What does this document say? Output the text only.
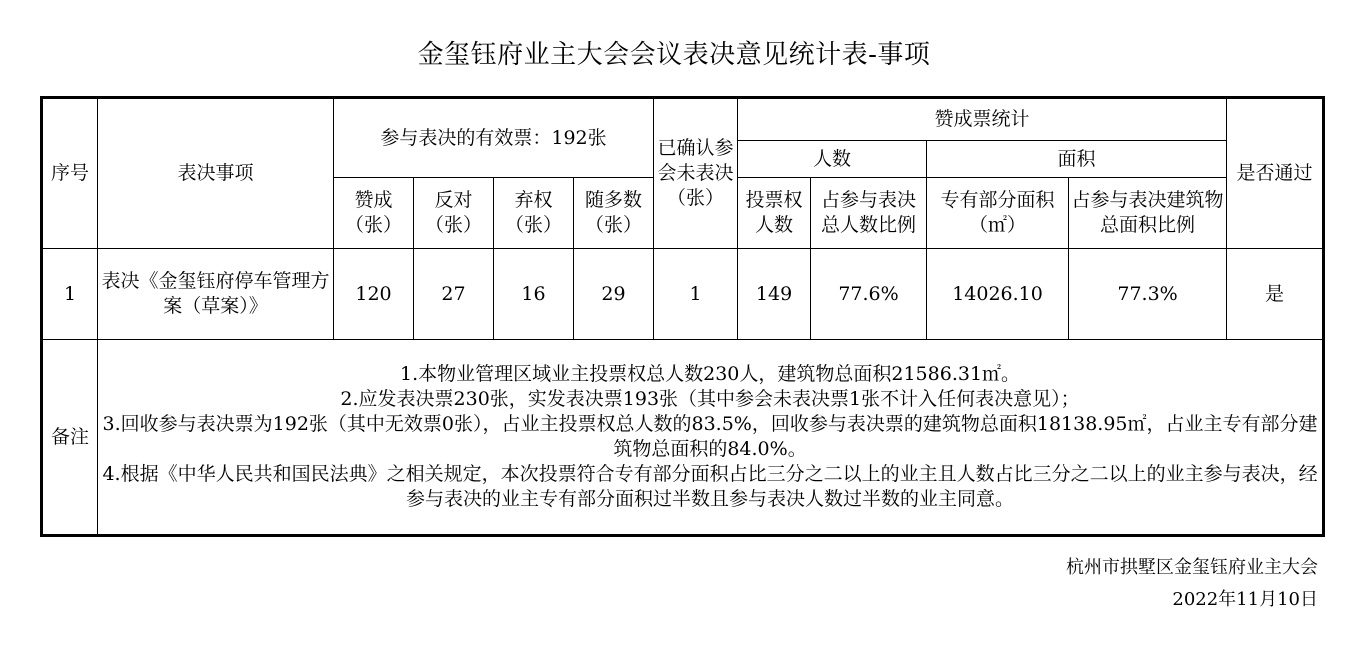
金玺钰府业主大会会议表决意见统计表-事项
序号	表决事项	参与表决的有效票：192张				已确认参会未表决（张）	赞成票统计				是否通过
							人数		面积		
		赞成（张）	反对（张）	弃权（张）	随多数（张）		投票权人数	占参与表决总人数比例	专有部分面积（㎡）	占参与表决建筑物总面积比例	
1	表决《金玺钰府停车管理方案（草案）》	120	27	16	29	1	149	77.6%	14026.10	77.3%	是
备注	1.本物业管理区域业主投票权总人数230人，建筑物总面积21586.31㎡。
2.应发表决票230张，实发表决票193张（其中参会未表决票1张不计入任何表决意见）；
3.回收参与表决票为192张（其中无效票0张），占业主投票权总人数的83.5%，回收参与表决票的建筑物总面积18138.95㎡，占业主专有部分建筑物总面积的84.0%。
4.根据《中华人民共和国民法典》之相关规定，本次投票符合专有部分面积占比三分之二以上的业主且人数占比三分之二以上的业主参与表决，经参与表决的业主专有部分面积过半数且参与表决人数过半数的业主同意。										
杭州市拱墅区金玺钰府业主大会
2022年11月10日
